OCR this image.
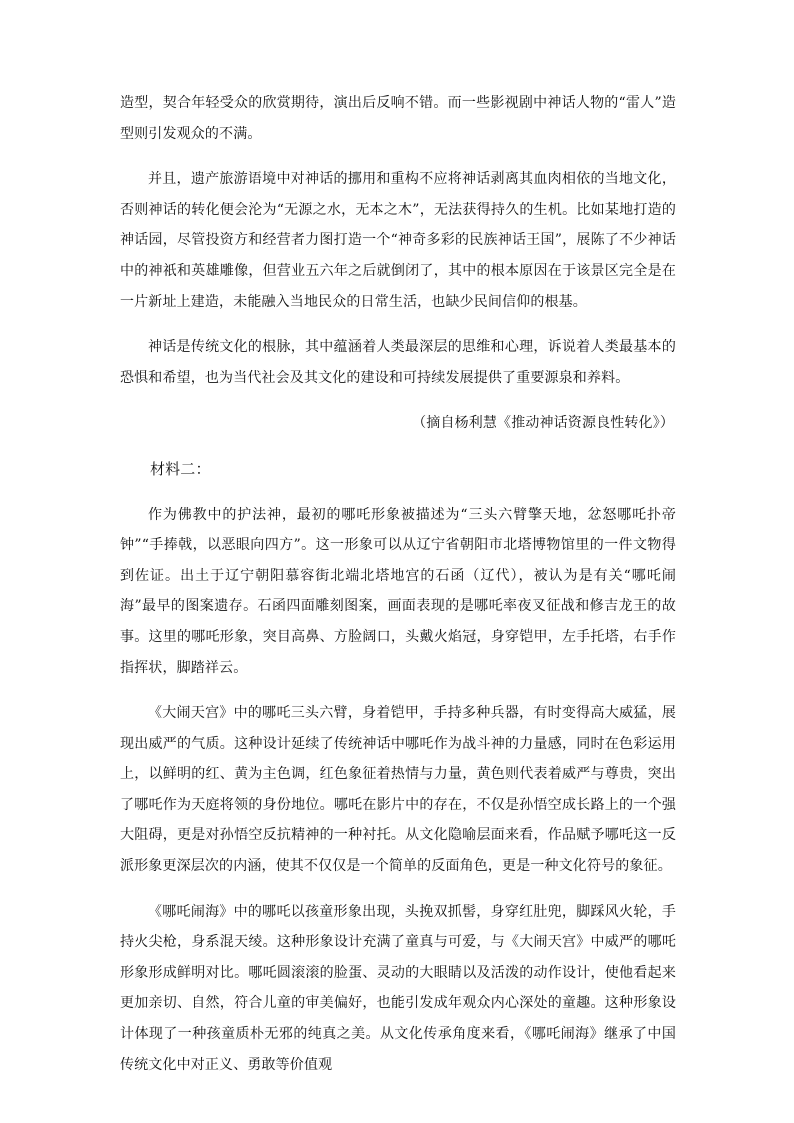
造型，契合年轻受众的欣赏期待，演出后反响不错。而一些影视剧中神话人物的“雷人”造型则引发观众的不满。

并且，遗产旅游语境中对神话的挪用和重构不应将神话剥离其血肉相依的当地文化，否则神话的转化便会沦为“无源之水，无本之木”，无法获得持久的生机。比如某地打造的神话园，尽管投资方和经营者力图打造一个“神奇多彩的民族神话王国”，展陈了不少神话中的神祇和英雄雕像，但营业五六年之后就倒闭了，其中的根本原因在于该景区完全是在一片新址上建造，未能融入当地民众的日常生活，也缺少民间信仰的根基。

神话是传统文化的根脉，其中蕴涵着人类最深层的思维和心理，诉说着人类最基本的恐惧和希望，也为当代社会及其文化的建设和可持续发展提供了重要源泉和养料。

（摘自杨利慧《推动神话资源良性转化》）

材料二：

作为佛教中的护法神，最初的哪吒形象被描述为“三头六臂擎天地，忿怒哪吒扑帝钟”“手捧戟，以恶眼向四方”。这一形象可以从辽宁省朝阳市北塔博物馆里的一件文物得到佐证。出土于辽宁朝阳慕容街北端北塔地宫的石函（辽代），被认为是有关“哪吒闹海”最早的图案遗存。石函四面雕刻图案，画面表现的是哪吒率夜叉征战和修吉龙王的故事。这里的哪吒形象，突目高鼻、方脸阔口，头戴火焰冠，身穿铠甲，左手托塔，右手作指挥状，脚踏祥云。

《大闹天宫》中的哪吒三头六臂，身着铠甲，手持多种兵器，有时变得高大威猛，展现出威严的气质。这种设计延续了传统神话中哪吒作为战斗神的力量感，同时在色彩运用上，以鲜明的红、黄为主色调，红色象征着热情与力量，黄色则代表着威严与尊贵，突出了哪吒作为天庭将领的身份地位。哪吒在影片中的存在，不仅是孙悟空成长路上的一个强大阻碍，更是对孙悟空反抗精神的一种衬托。从文化隐喻层面来看，作品赋予哪吒这一反派形象更深层次的内涵，使其不仅仅是一个简单的反面角色，更是一种文化符号的象征。

《哪吒闹海》中的哪吒以孩童形象出现，头挽双抓髻，身穿红肚兜，脚踩风火轮，手持火尖枪，身系混天绫。这种形象设计充满了童真与可爱，与《大闹天宫》中威严的哪吒形象形成鲜明对比。哪吒圆滚滚的脸蛋、灵动的大眼睛以及活泼的动作设计，使他看起来更加亲切、自然，符合儿童的审美偏好，也能引发成年观众内心深处的童趣。这种形象设计体现了一种孩童质朴无邪的纯真之美。从文化传承角度来看，《哪吒闹海》继承了中国传统文化中对正义、勇敢等价值观
